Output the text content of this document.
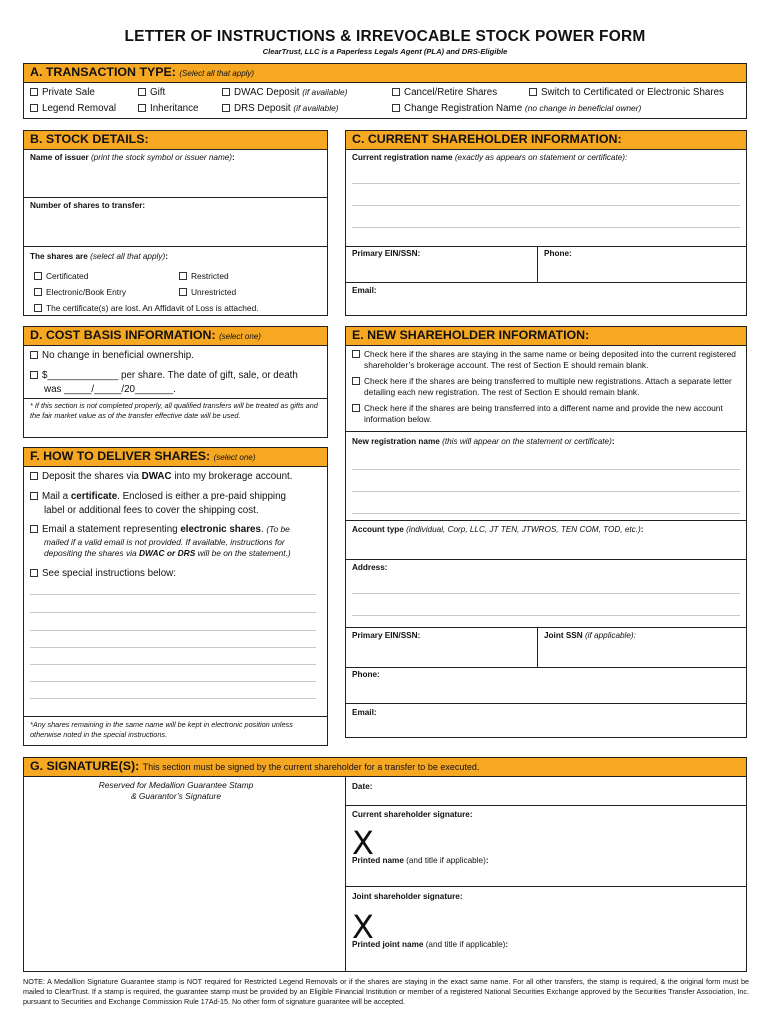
LETTER OF INSTRUCTIONS & IRREVOCABLE STOCK POWER FORM
ClearTrust, LLC is a Paperless Legals Agent (PLA) and DRS-Eligible
A. TRANSACTION TYPE: (Select all that apply)
Private Sale	Gift	DWAC Deposit (if available)	Cancel/Retire Shares	Switch to Certificated or Electronic Shares
Legend Removal	Inheritance	DRS Deposit (if available)	Change Registration Name (no change in beneficial owner)
B. STOCK DETAILS:
Name of issuer (print the stock symbol or issuer name):
Number of shares to transfer:
The shares are (select all that apply):
Certificated	Restricted
Electronic/Book Entry	Unrestricted
The certificate(s) are lost. An Affidavit of Loss is attached.
C. CURRENT SHAREHOLDER INFORMATION:
Current registration name (exactly as appears on statement or certificate):
Primary EIN/SSN:	Phone:
Email:
D. COST BASIS INFORMATION: (select one)
No change in beneficial ownership.
$_____________ per share. The date of gift, sale, or death
was _____/_____/20_______.
* If this section is not completed properly, all qualified transfers will be treated as gifts and the fair market value as of the transfer effective date will be used.
E. NEW SHAREHOLDER INFORMATION:
Check here if the shares are staying in the same name or being deposited into the current registered shareholder’s brokerage account. The rest of Section E should remain blank.
Check here if the shares are being transferred to multiple new registrations. Attach a separate letter detailing each new registration. The rest of Section E should remain blank.
Check here if the shares are being transferred into a different name and provide the new account information below.
New registration name (this will appear on the statement or certificate):
Account type (individual, Corp, LLC, JT TEN, JTWROS, TEN COM, TOD, etc.):
Address:
Primary EIN/SSN:	Joint SSN (if applicable):
Phone:
Email:
F. HOW TO DELIVER SHARES: (select one)
Deposit the shares via DWAC into my brokerage account.
Mail a certificate. Enclosed is either a pre-paid shipping
label or additional fees to cover the shipping cost.
Email a statement representing electronic shares. (To be
mailed if a valid email is not provided. If available, instructions for
depositing the shares via DWAC or DRS will be on the statement.)
See special instructions below:
*Any shares remaining in the same name will be kept in electronic position unless otherwise noted in the special instructions.
G. SIGNATURE(S): This section must be signed by the current shareholder for a transfer to be executed.
Reserved for Medallion Guarantee Stamp
& Guarantor’s Signature
Date:
Current shareholder signature:
X
Printed name (and title if applicable):
Joint shareholder signature:
X
Printed joint name (and title if applicable):
NOTE: A Medallion Signature Guarantee stamp is NOT required for Restricted Legend Removals or if the shares are staying in the exact same name. For all other transfers, the stamp is required, & the original form must be mailed to ClearTrust. If a stamp is required, the guarantee stamp must be provided by an Eligible Financial Institution or member of a registered National Securities Exchange approved by the Securities Transfer Association, Inc. pursuant to Securities and Exchange Commission Rule 17Ad-15. No other form of signature guarantee will be accepted.
